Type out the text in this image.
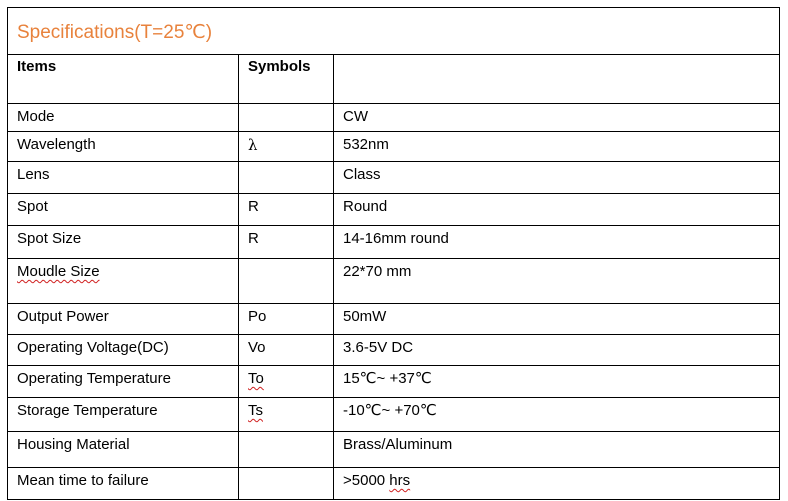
Specifications(T=25℃)		
Items	Symbols	
Mode		CW
Wavelength	λ	532nm
Lens		Class
Spot	R	Round
Spot Size	R	14-16mm round
Moudle Size		22*70 mm
Output Power	Po	50mW
Operating Voltage(DC)	Vo	3.6-5V DC
Operating Temperature	To	15℃~ +37℃
Storage Temperature	Ts	-10℃~ +70℃
Housing Material		Brass/Aluminum
Mean time to failure		>5000 hrs
